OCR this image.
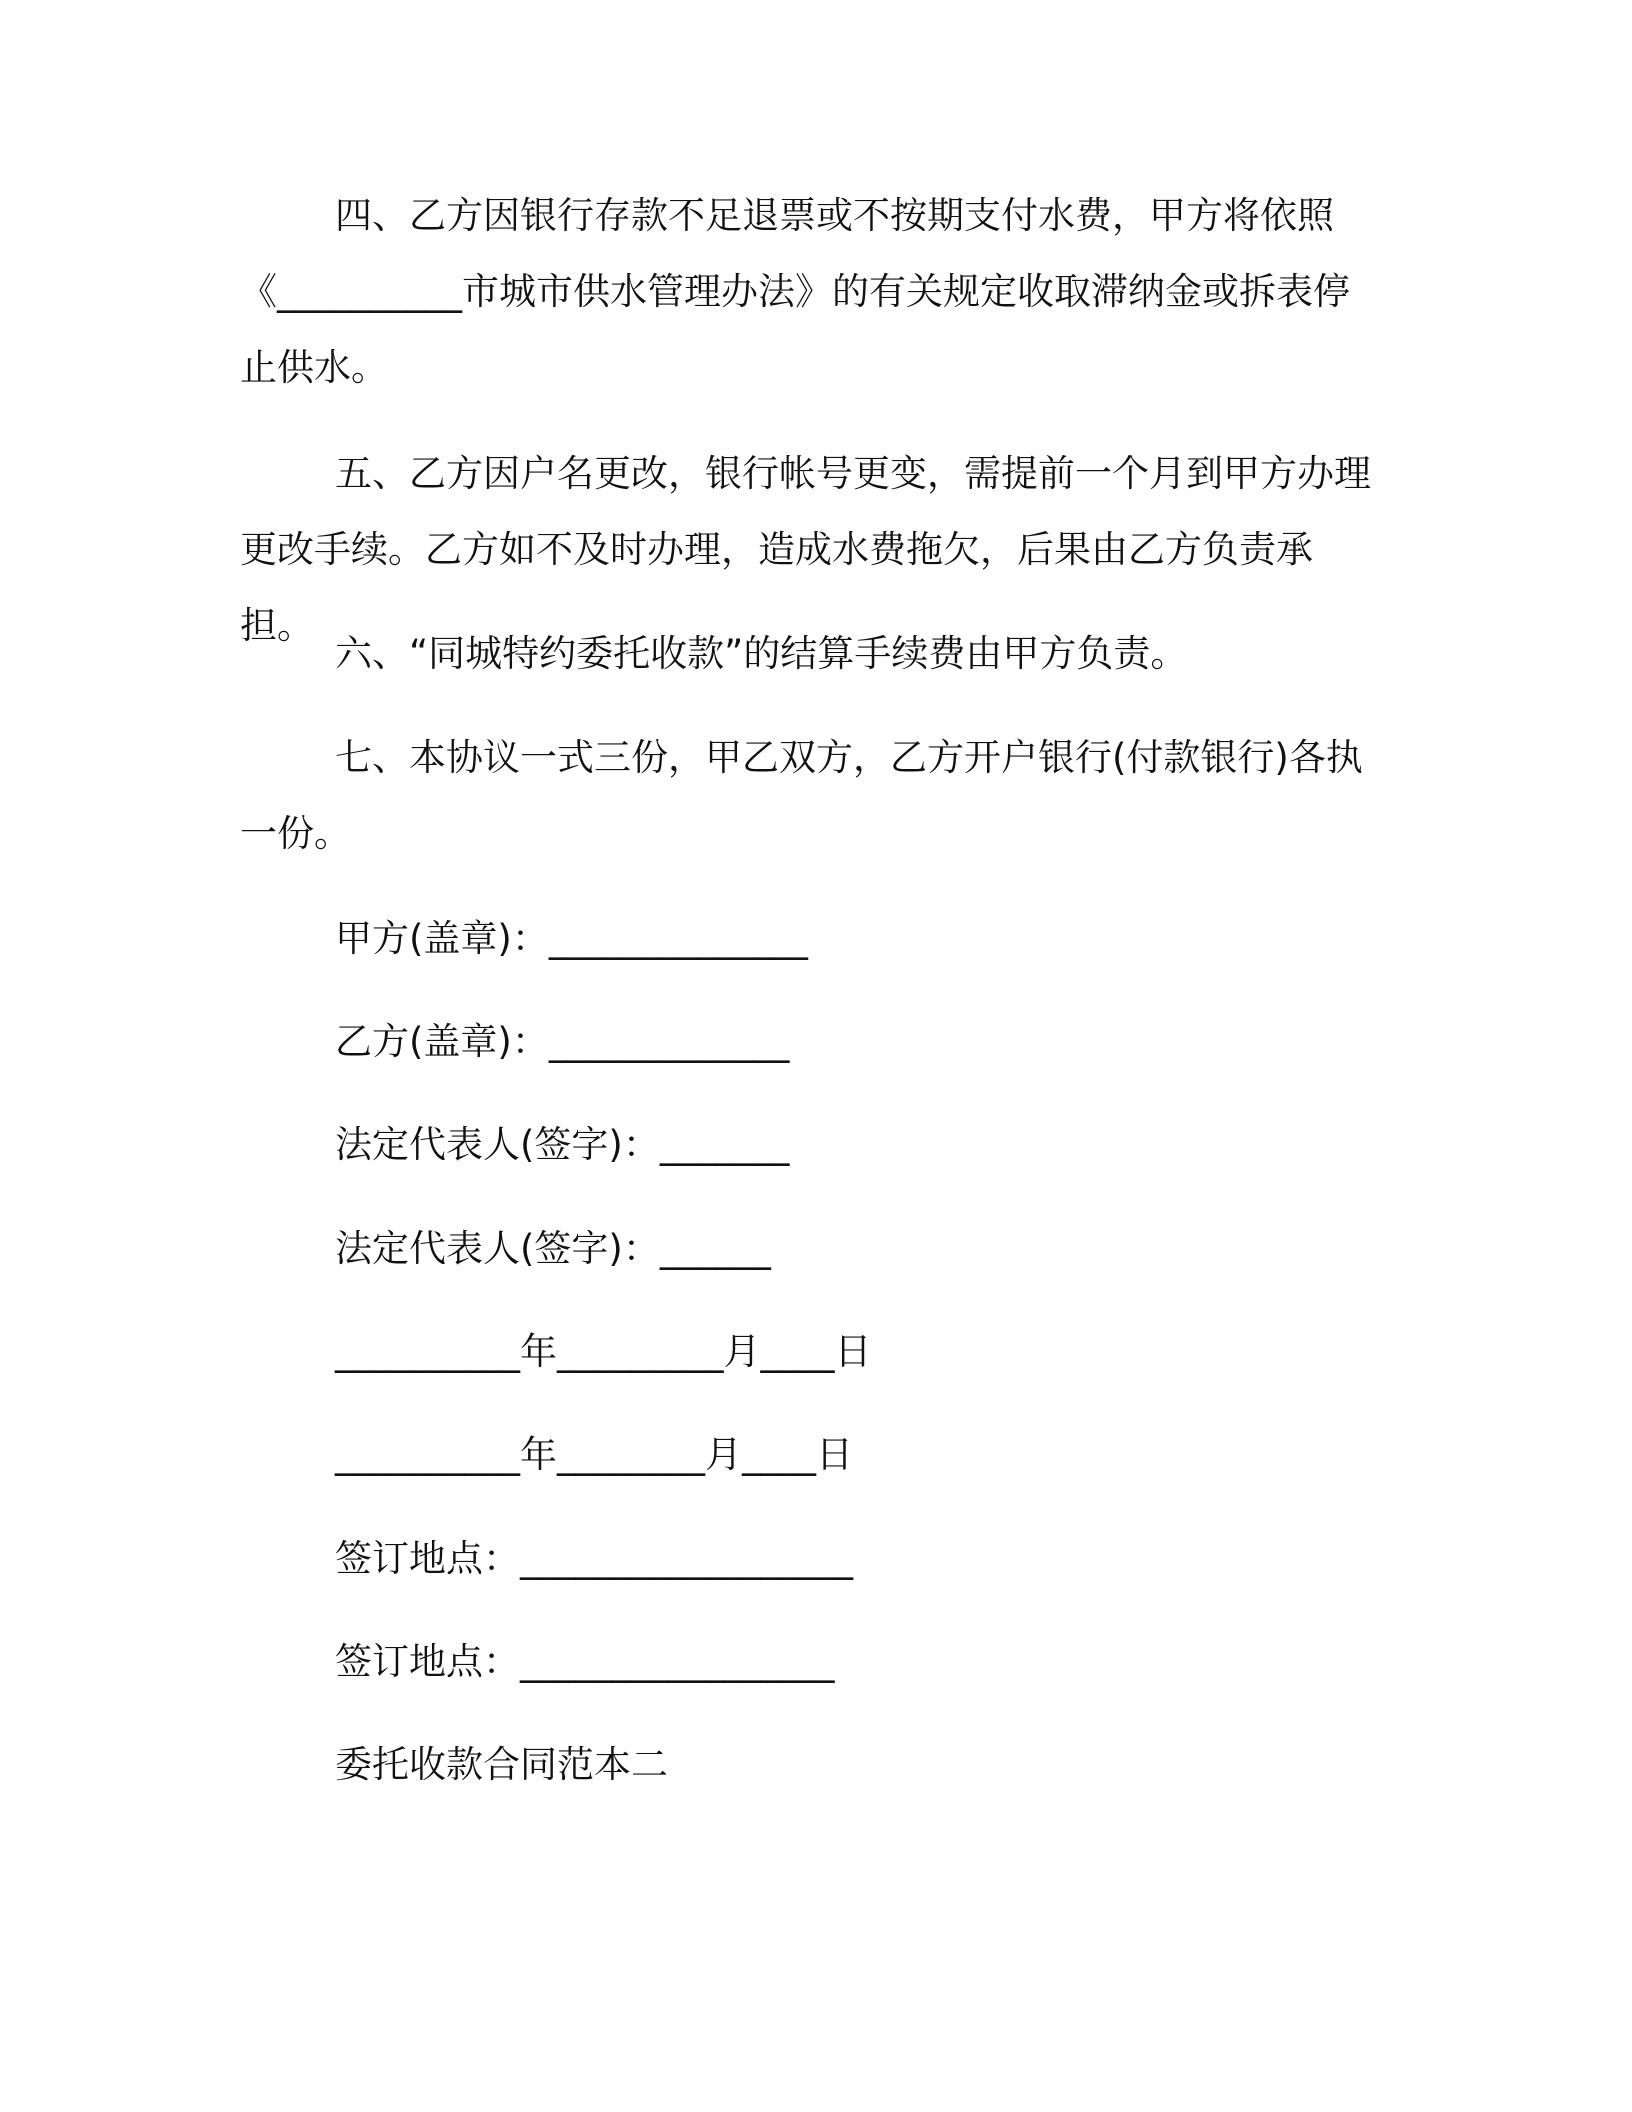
四、乙方因银行存款不足退票或不按期支付水费，甲方将依照《__________市城市供水管理办法》的有关规定收取滞纳金或拆表停止供水。

五、乙方因户名更改，银行帐号更变，需提前一个月到甲方办理更改手续。乙方如不及时办理，造成水费拖欠，后果由乙方负责承担。

六、“同城特约委托收款”的结算手续费由甲方负责。

七、本协议一式三份，甲乙双方，乙方开户银行(付款银行)各执一份。

甲方(盖章)：______________

乙方(盖章)：_____________

法定代表人(签字)：_______

法定代表人(签字)：______

__________年_________月____日

__________年________月____日

签订地点：__________________

签订地点：_________________

委托收款合同范本二
